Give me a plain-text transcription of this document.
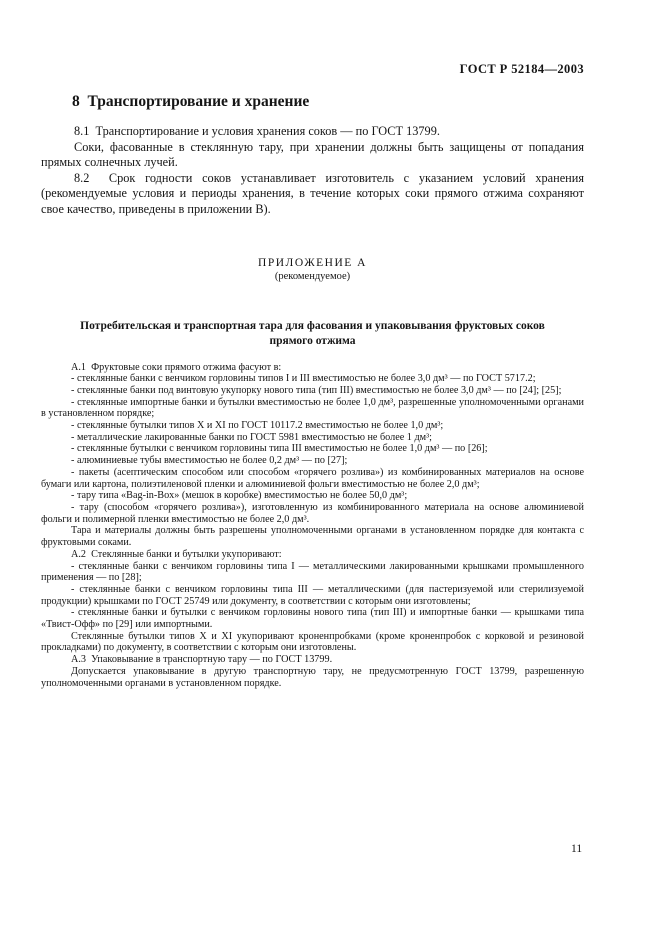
ГОСТ Р 52184—2003
8  Транспортирование и хранение

8.1  Транспортирование и условия хранения соков — по ГОСТ 13799.

Соки, фасованные в стеклянную тару, при хранении должны быть защищены от попадания прямых солнечных лучей.

8.2  Срок годности соков устанавливает изготовитель с указанием условий хранения (рекомендуемые условия и периоды хранения, в течение которых соки прямого отжима сохраняют свое качество, приведены в приложении В).

ПРИЛОЖЕНИЕ А
(рекомендуемое)
Потребительская и транспортная тара для фасования и упаковывания фруктовых соков прямого отжима

А.1  Фруктовые соки прямого отжима фасуют в:

- стеклянные банки с венчиком горловины типов I и III вместимостью не более 3,0 дм³ — по ГОСТ 5717.2;

- стеклянные банки под винтовую укупорку нового типа (тип III) вместимостью не более 3,0 дм³ — по [24]; [25];

- стеклянные импортные банки и бутылки вместимостью не более 1,0 дм³, разрешенные уполномоченными органами в установленном порядке;

- стеклянные бутылки типов X и XI по ГОСТ 10117.2 вместимостью не более 1,0 дм³;

- металлические лакированные банки по ГОСТ 5981 вместимостью не более 1 дм³;

- стеклянные бутылки с венчиком горловины типа III вместимостью не более 1,0 дм³ — по [26];

- алюминиевые тубы вместимостью не более 0,2 дм³ — по [27];

- пакеты (асептическим способом или способом «горячего розлива») из комбинированных материалов на основе бумаги или картона, полиэтиленовой пленки и алюминиевой фольги вместимостью не более 2,0 дм³;

- тару типа «Bag-in-Box» (мешок в коробке) вместимостью не более 50,0 дм³;

- тару (способом «горячего розлива»), изготовленную из комбинированного материала на основе алюминиевой фольги и полимерной пленки вместимостью не более 2,0 дм³.

Тара и материалы должны быть разрешены уполномоченными органами в установленном порядке для контакта с фруктовыми соками.

А.2  Стеклянные банки и бутылки укупоривают:

- стеклянные банки с венчиком горловины типа I — металлическими лакированными крышками промышленного применения — по [28];

- стеклянные банки с венчиком горловины типа III — металлическими (для пастеризуемой или стерилизуемой продукции) крышками по ГОСТ 25749 или документу, в соответствии с которым они изготовлены;

- стеклянные банки и бутылки с венчиком горловины нового типа (тип III) и импортные банки — крышками типа «Твист-Офф» по [29] или импортными.

Стеклянные бутылки типов X и XI укупоривают кроненпробками (кроме кроненпробок с корковой и резиновой прокладками) по документу, в соответствии с которым они изготовлены.

А.3  Упаковывание в транспортную тару — по ГОСТ 13799.

Допускается упаковывание в другую транспортную тару, не предусмотренную ГОСТ 13799, разрешенную уполномоченными органами в установленном порядке.

11
